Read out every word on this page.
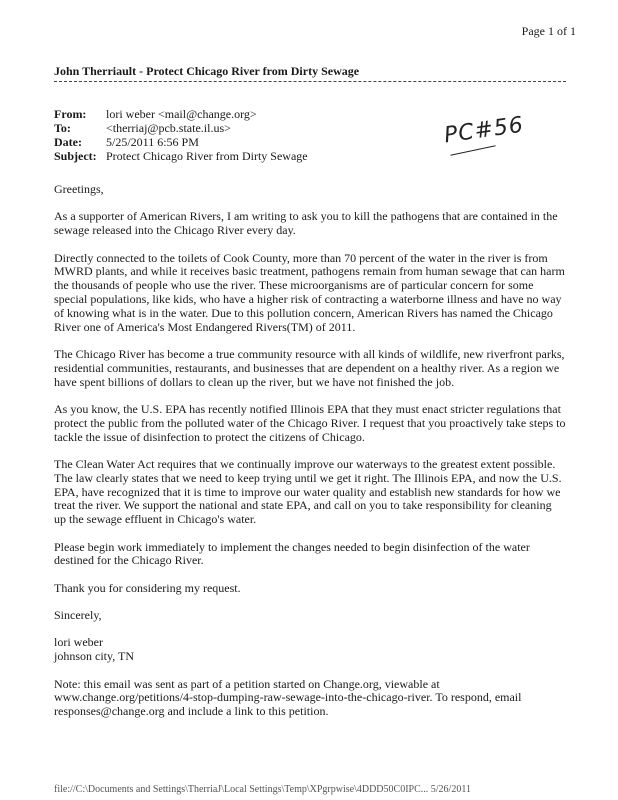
Page 1 of 1
John Therriault - Protect Chicago River from Dirty Sewage
From: lori weber <mail@change.org>
To:	<therriaj@pcb.state.il.us>
Date: 5/25/2011 6:56 PM
Subject: Protect Chicago River from Dirty Sewage
PC#56

Greetings,

As a supporter of American Rivers, I am writing to ask you to kill the pathogens that are contained in the sewage released into the Chicago River every day.

Directly connected to the toilets of Cook County, more than 70 percent of the water in the river is from MWRD plants, and while it receives basic treatment, pathogens remain from human sewage that can harm the thousands of people who use the river. These microorganisms are of particular concern for some special populations, like kids, who have a higher risk of contracting a waterborne illness and have no way of knowing what is in the water. Due to this pollution concern, American Rivers has named the Chicago River one of America's Most Endangered Rivers(TM) of 2011.

The Chicago River has become a true community resource with all kinds of wildlife, new riverfront parks, residential communities, restaurants, and businesses that are dependent on a healthy river. As a region we have spent billions of dollars to clean up the river, but we have not finished the job.

As you know, the U.S. EPA has recently notified Illinois EPA that they must enact stricter regulations that protect the public from the polluted water of the Chicago River. I request that you proactively take steps to tackle the issue of disinfection to protect the citizens of Chicago.

The Clean Water Act requires that we continually improve our waterways to the greatest extent possible. The law clearly states that we need to keep trying until we get it right. The Illinois EPA, and now the U.S. EPA, have recognized that it is time to improve our water quality and establish new standards for how we treat the river. We support the national and state EPA, and call on you to take responsibility for cleaning up the sewage effluent in Chicago's water.

Please begin work immediately to implement the changes needed to begin disinfection of the water destined for the Chicago River.

Thank you for considering my request.

Sincerely,

lori weber

johnson city, TN

Note: this email was sent as part of a petition started on Change.org, viewable at www.change.org/petitions/4-stop-dumping-raw-sewage-into-the-chicago-river. To respond, email responses@change.org and include a link to this petition.

file://C:\Documents and Settings\TherriaJ\Local Settings\Temp\XPgrpwise\4DDD50C0IPC... 5/26/2011
